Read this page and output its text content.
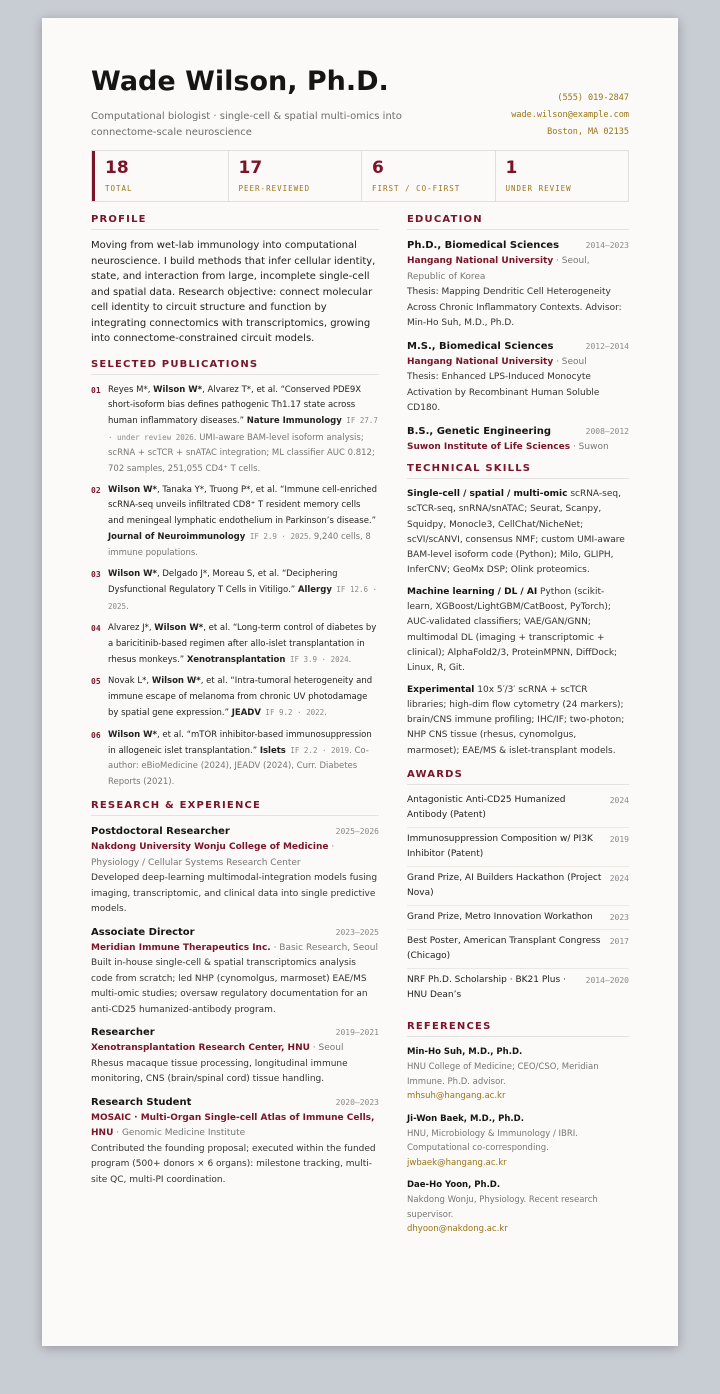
Wade Wilson, Ph.D.
Computational biologist · single-cell & spatial multi-omics into connectome-scale neuroscience
(555) 019-2847
wade.wilson@example.com
Boston, MA 02135
18
TOTAL
17
PEER-REVIEWED
6
FIRST / CO-FIRST
1
UNDER REVIEW
PROFILE
Moving from wet-lab immunology into computational neuroscience. I build methods that infer cellular identity, state, and interaction from large, incomplete single-cell and spatial data. Research objective: connect molecular cell identity to circuit structure and function by integrating connectomics with transcriptomics, growing into connectome-constrained circuit models.
SELECTED PUBLICATIONS
01 Reyes M*, Wilson W*, Alvarez T*, et al. “Conserved PDE9X short-isoform bias defines pathogenic Th1.17 state across human inflammatory diseases.” Nature Immunology IF 27.7 · under review 2026. UMI-aware BAM-level isoform analysis; scRNA + scTCR + snATAC integration; ML classifier AUC 0.812; 702 samples, 251,055 CD4⁺ T cells.
02 Wilson W*, Tanaka Y*, Truong P*, et al. “Immune cell-enriched scRNA-seq unveils infiltrated CD8⁺ T resident memory cells and meningeal lymphatic endothelium in Parkinson’s disease.” Journal of Neuroimmunology IF 2.9 · 2025. 9,240 cells, 8 immune populations.
03 Wilson W*, Delgado J*, Moreau S, et al. “Deciphering Dysfunctional Regulatory T Cells in Vitiligo.” Allergy IF 12.6 · 2025.
04 Alvarez J*, Wilson W*, et al. “Long-term control of diabetes by a baricitinib-based regimen after allo-islet transplantation in rhesus monkeys.” Xenotransplantation IF 3.9 · 2024.
05 Novak L*, Wilson W*, et al. “Intra-tumoral heterogeneity and immune escape of melanoma from chronic UV photodamage by spatial gene expression.” JEADV IF 9.2 · 2022.
06 Wilson W*, et al. “mTOR inhibitor-based immunosuppression in allogeneic islet transplantation.” Islets IF 2.2 · 2019. Co-author: eBioMedicine (2024), JEADV (2024), Curr. Diabetes Reports (2021).
RESEARCH & EXPERIENCE
Postdoctoral Researcher	2025–2026
Nakdong University Wonju College of Medicine · Physiology / Cellular Systems Research Center
Developed deep-learning multimodal-integration models fusing imaging, transcriptomic, and clinical data into single predictive models.
Associate Director	2023–2025
Meridian Immune Therapeutics Inc. · Basic Research, Seoul
Built in-house single-cell & spatial transcriptomics analysis code from scratch; led NHP (cynomolgus, marmoset) EAE/MS multi-omic studies; oversaw regulatory documentation for an anti-CD25 humanized-antibody program.
Researcher	2019–2021
Xenotransplantation Research Center, HNU · Seoul
Rhesus macaque tissue processing, longitudinal immune monitoring, CNS (brain/spinal cord) tissue handling.
Research Student	2020–2023
MOSAIC · Multi-Organ Single-cell Atlas of Immune Cells, HNU · Genomic Medicine Institute
Contributed the founding proposal; executed within the funded program (500+ donors × 6 organs): milestone tracking, multi-site QC, multi-PI coordination.
EDUCATION
Ph.D., Biomedical Sciences	2014–2023
Hangang National University · Seoul, Republic of Korea
Thesis: Mapping Dendritic Cell Heterogeneity Across Chronic Inflammatory Contexts. Advisor: Min-Ho Suh, M.D., Ph.D.
M.S., Biomedical Sciences	2012–2014
Hangang National University · Seoul
Thesis: Enhanced LPS-Induced Monocyte Activation by Recombinant Human Soluble CD180.
B.S., Genetic Engineering	2008–2012
Suwon Institute of Life Sciences · Suwon
TECHNICAL SKILLS
Single-cell / spatial / multi-omic scRNA-seq, scTCR-seq, snRNA/snATAC; Seurat, Scanpy, Squidpy, Monocle3, CellChat/NicheNet; scVI/scANVI, consensus NMF; custom UMI-aware BAM-level isoform code (Python); Milo, GLIPH, InferCNV; GeoMx DSP; Olink proteomics.
Machine learning / DL / AI Python (scikit-learn, XGBoost/LightGBM/CatBoost, PyTorch); AUC-validated classifiers; VAE/GAN/GNN; multimodal DL (imaging + transcriptomic + clinical); AlphaFold2/3, ProteinMPNN, DiffDock; Linux, R, Git.
Experimental 10x 5′/3′ scRNA + scTCR libraries; high-dim flow cytometry (24 markers); brain/CNS immune profiling; IHC/IF; two-photon; NHP CNS tissue (rhesus, cynomolgus, marmoset); EAE/MS & islet-transplant models.
AWARDS
Antagonistic Anti-CD25 Humanized Antibody (Patent)
2024
Immunosuppression Composition w/ PI3K Inhibitor (Patent)
2019
Grand Prize, AI Builders Hackathon (Project Nova)
2024
Grand Prize, Metro Innovation Workathon	2023
Best Poster, American Transplant Congress (Chicago)
2017
NRF Ph.D. Scholarship · BK21 Plus · HNU Dean’s
2014–2020
REFERENCES
Min-Ho Suh, M.D., Ph.D.
HNU College of Medicine; CEO/CSO, Meridian Immune. Ph.D. advisor.
mhsuh@hangang.ac.kr
Ji-Won Baek, M.D., Ph.D.
HNU, Microbiology & Immunology / IBRI. Computational co-corresponding.
jwbaek@hangang.ac.kr
Dae-Ho Yoon, Ph.D.
Nakdong Wonju, Physiology. Recent research supervisor.
dhyoon@nakdong.ac.kr
